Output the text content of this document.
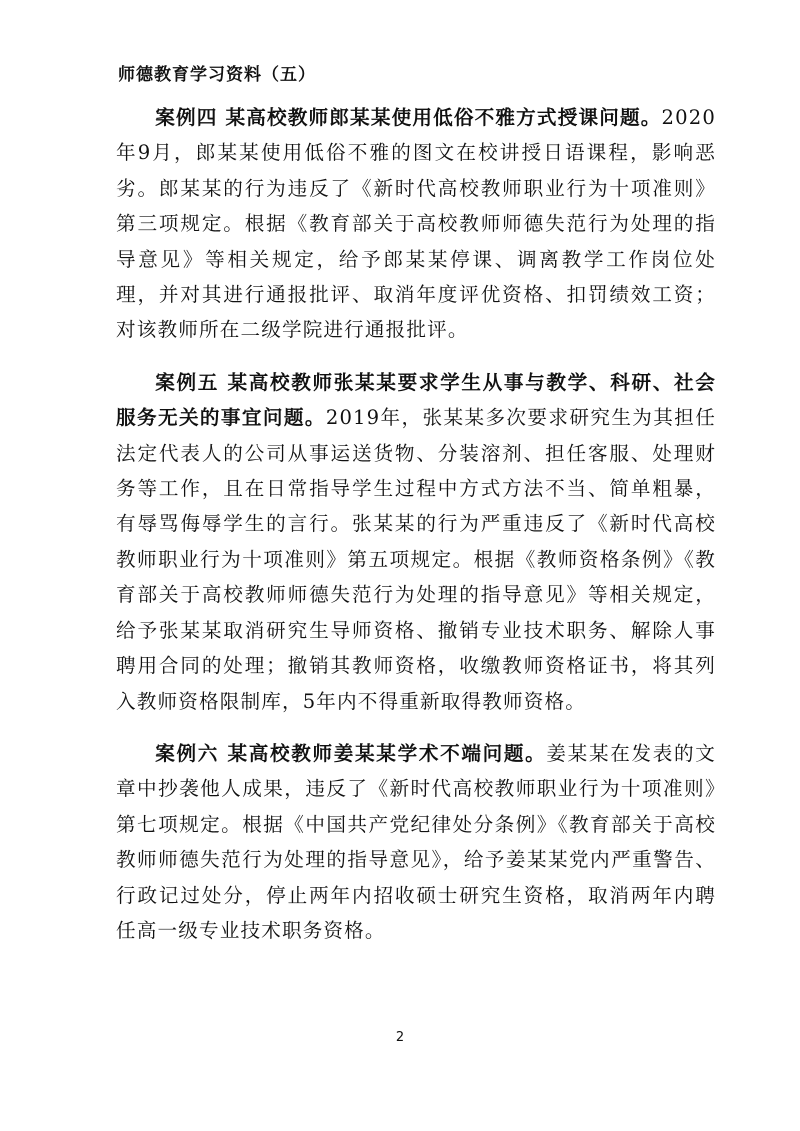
师德教育学习资料（五）

案例四 某高校教师郎某某使用低俗不雅方式授课问题。2020年9月，郎某某使用低俗不雅的图文在校讲授日语课程，影响恶劣。郎某某的行为违反了《新时代高校教师职业行为十项准则》第三项规定。根据《教育部关于高校教师师德失范行为处理的指导意见》等相关规定，给予郎某某停课、调离教学工作岗位处理，并对其进行通报批评、取消年度评优资格、扣罚绩效工资；对该教师所在二级学院进行通报批评。

案例五 某高校教师张某某要求学生从事与教学、科研、社会服务无关的事宜问题。2019年，张某某多次要求研究生为其担任法定代表人的公司从事运送货物、分装溶剂、担任客服、处理财务等工作，且在日常指导学生过程中方式方法不当、简单粗暴，有辱骂侮辱学生的言行。张某某的行为严重违反了《新时代高校教师职业行为十项准则》第五项规定。根据《教师资格条例》《教育部关于高校教师师德失范行为处理的指导意见》等相关规定，给予张某某取消研究生导师资格、撤销专业技术职务、解除人事聘用合同的处理；撤销其教师资格，收缴教师资格证书，将其列入教师资格限制库，5年内不得重新取得教师资格。

案例六 某高校教师姜某某学术不端问题。姜某某在发表的文章中抄袭他人成果，违反了《新时代高校教师职业行为十项准则》第七项规定。根据《中国共产党纪律处分条例》《教育部关于高校教师师德失范行为处理的指导意见》，给予姜某某党内严重警告、行政记过处分，停止两年内招收硕士研究生资格，取消两年内聘任高一级专业技术职务资格。

2
